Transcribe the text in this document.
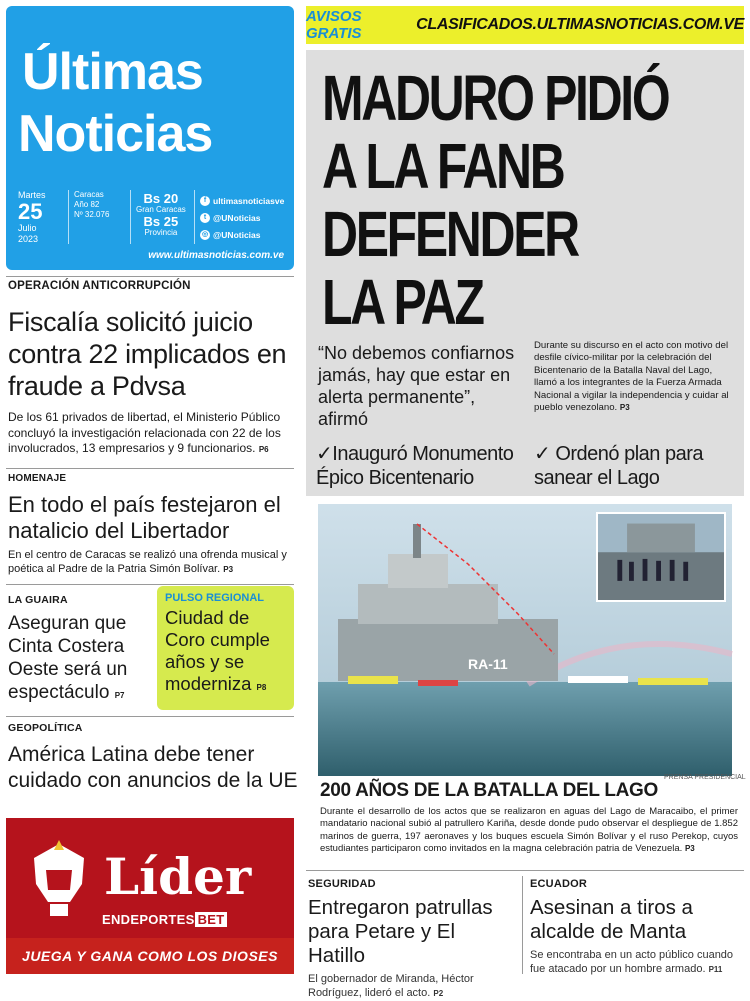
Últimas
Noticias
Martes
25
Julio
2023
Caracas
Año 82
Nº 32.076
Bs 20
Gran Caracas
Bs 25
Provincia
f ultimasnoticiasve
t @UNoticias
◎ @UNoticias
www.ultimasnoticias.com.ve
AVISOS GRATIS
CLASIFICADOS.ULTIMASNOTICIAS.COM.VE
OPERACIÓN ANTICORRUPCIÓN
Fiscalía solicitó juicio contra 22 implicados en fraude a Pdvsa
De los 61 privados de libertad, el Ministerio Público concluyó la investigación relacionada con 22 de los involucrados, 13 empresarios y 9 funcionarios. P6
HOMENAJE
En todo el país festejaron el natalicio del Libertador
En el centro de Caracas se realizó una ofrenda musical y poética al Padre de la Patria Simón Bolívar. P3
LA GUAIRA
Aseguran que Cinta Costera Oeste será un espectáculo P7
PULSO REGIONAL
Ciudad de Coro cumple años y se moderniza P8
GEOPOLÍTICA
América Latina debe tener cuidado con anuncios de la UE
Líder
ENDEPORTES BET
JUEGA Y GANA COMO LOS DIOSES
MADURO PIDIÓ
A LA FANB
DEFENDER
LA PAZ
“No debemos confiarnos jamás, hay que estar en alerta permanente”, afirmó
Durante su discurso en el acto con motivo del desfile cívico-militar por la celebración del Bicentenario de la Batalla Naval del Lago, llamó a los integrantes de la Fuerza Armada Nacional a vigilar la independencia y cuidar al pueblo venezolano. P3
✓Inauguró Monumento Épico Bicentenario
✓ Ordenó plan para sanear el Lago
RA-11
PRENSA PRESIDENCIAL
200 AÑOS DE LA BATALLA DEL LAGO
Durante el desarrollo de los actos que se realizaron en aguas del Lago de Maracaibo, el primer mandatario nacional subió al patrullero Kariña, desde donde pudo observar el despliegue de 1.852 marinos de guerra, 197 aeronaves y los buques escuela Simón Bolívar y el ruso Perekop, cuyos estudiantes participaron como invitados en la magna celebración patria de Venezuela. P3
SEGURIDAD
Entregaron patrullas para Petare y El Hatillo
El gobernador de Miranda, Héctor Rodríguez, lideró el acto. P2
ECUADOR
Asesinan a tiros a alcalde de Manta
Se encontraba en un acto público cuando fue atacado por un hombre armado. P11
